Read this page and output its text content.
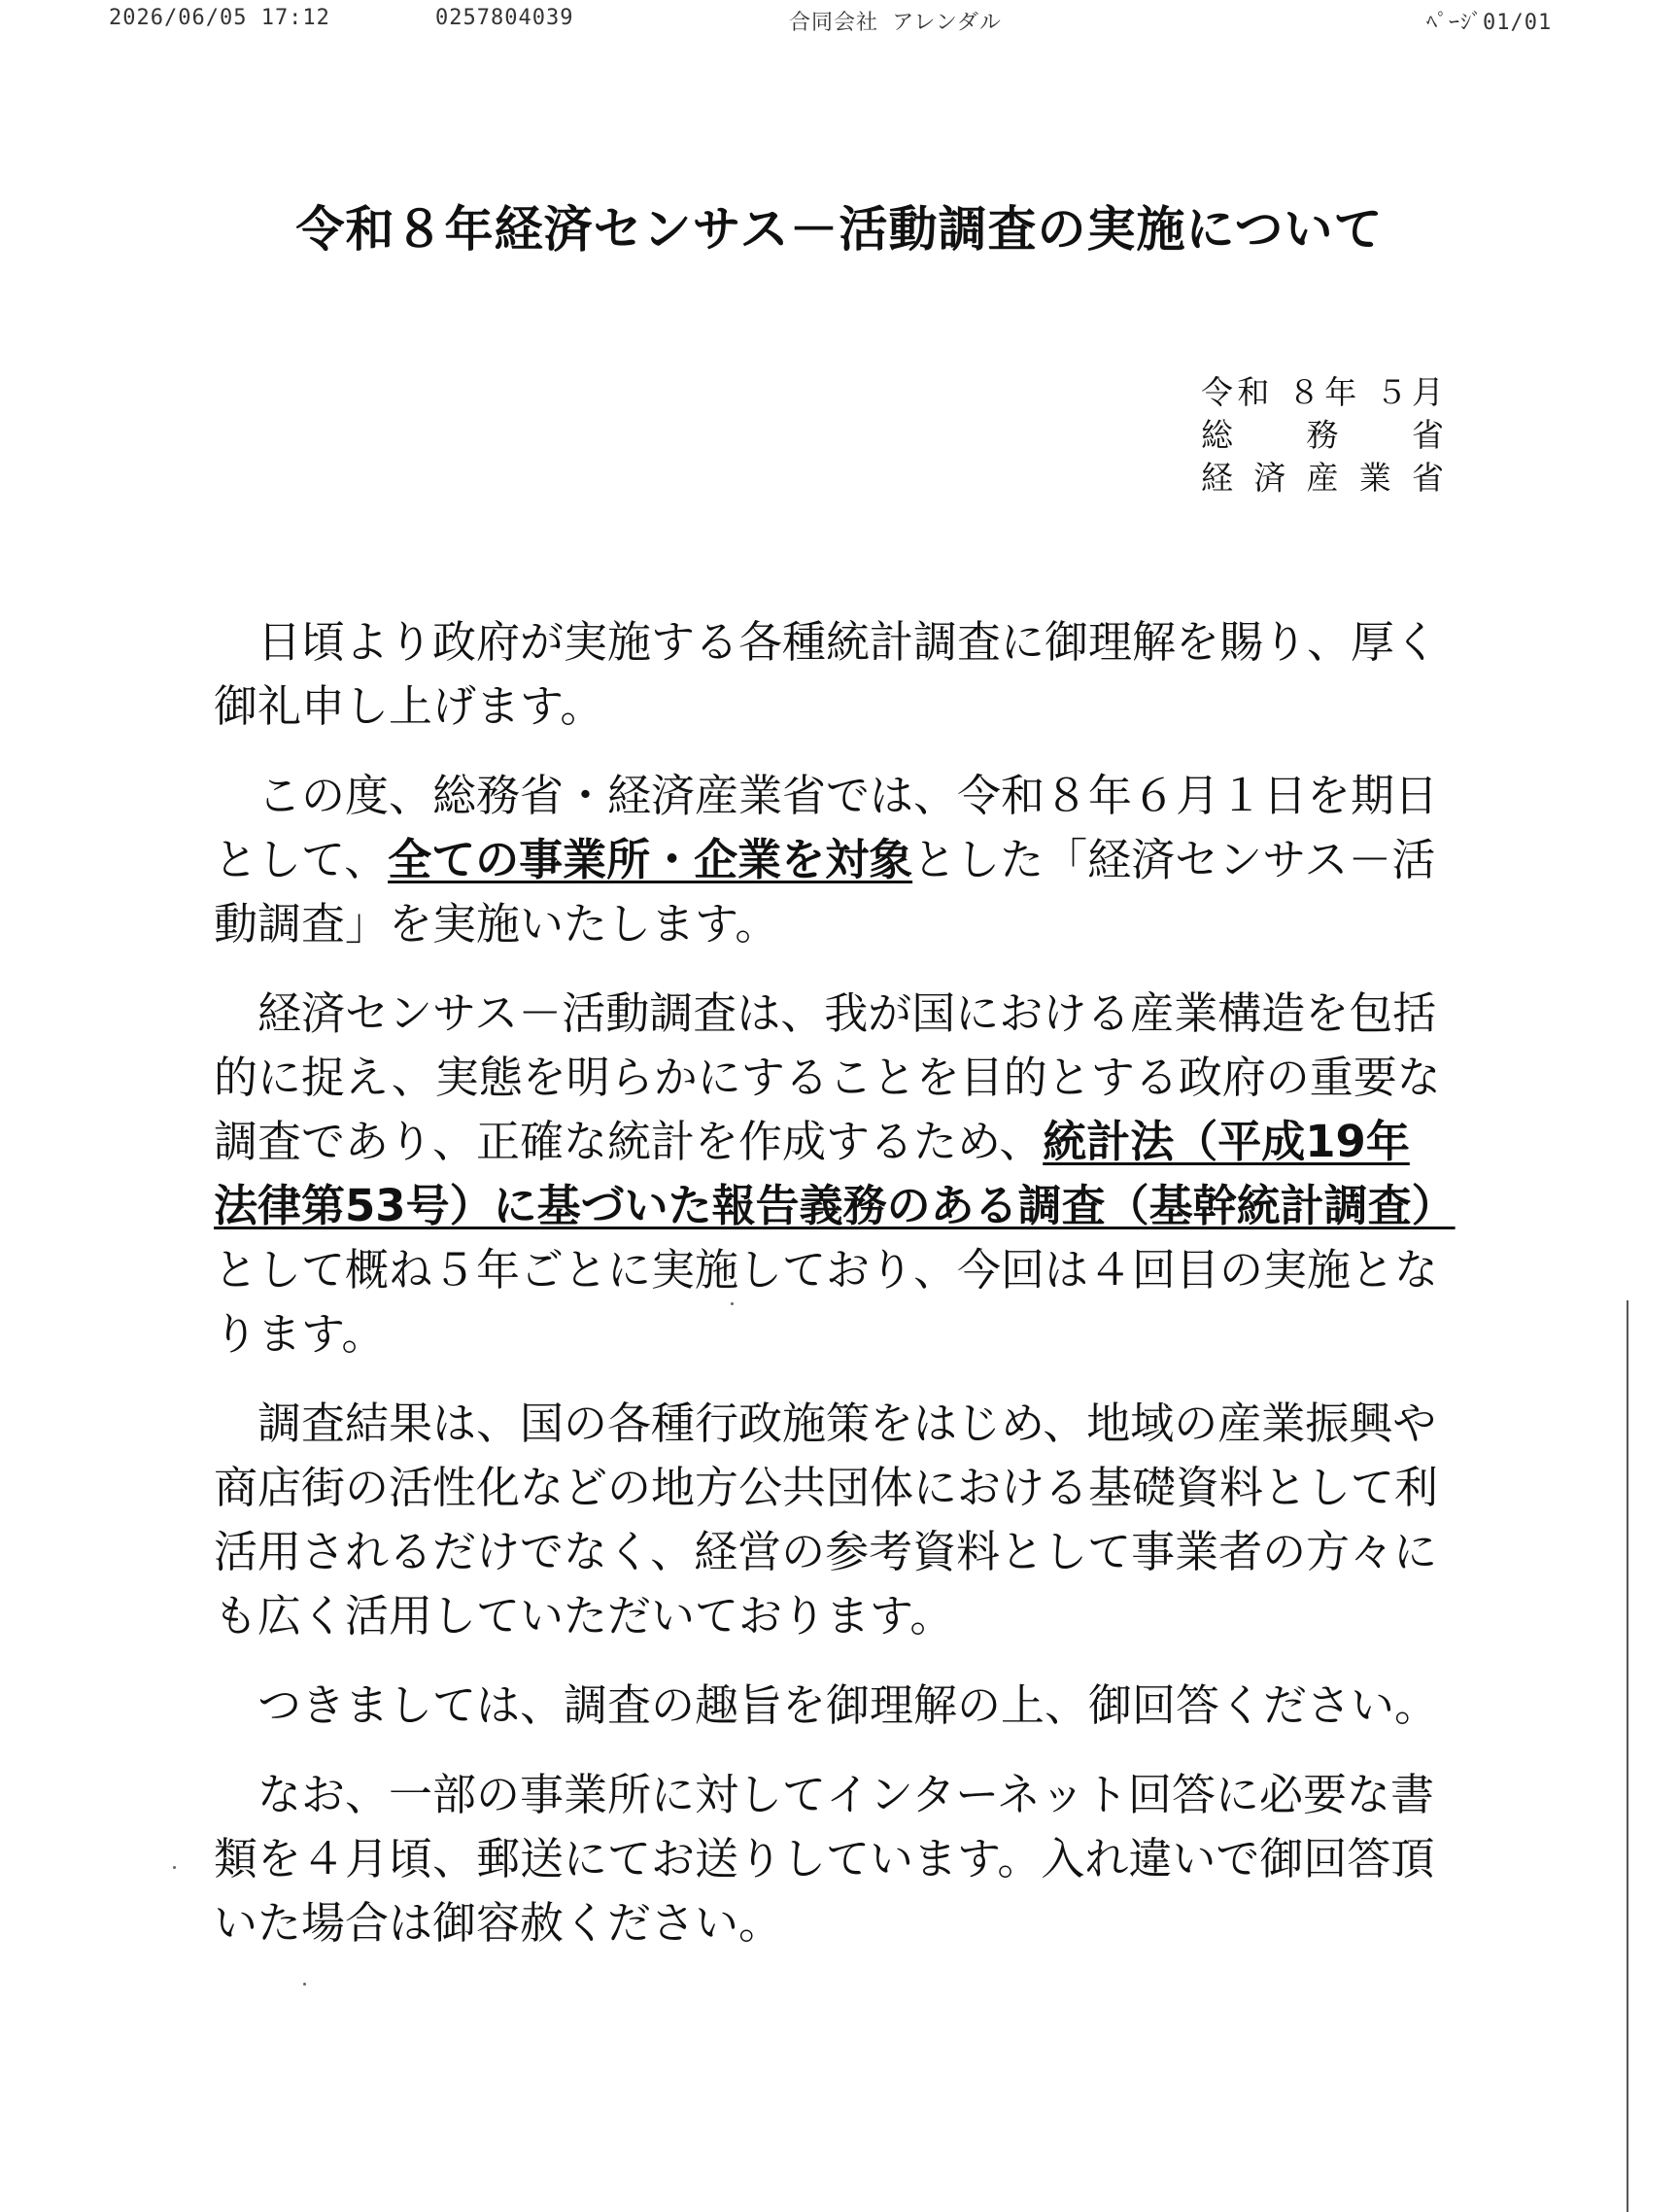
2026/06/05 17:12	0257804039	合同会社 アレンダル	ﾍﾟｰｼﾞ01/01
令和８年経済センサス－活動調査の実施について
令和 ８年 ５月
総務省
経済産業省

日頃より政府が実施する各種統計調査に御理解を賜り、厚く御礼申し上げます。

この度、総務省・経済産業省では、令和８年６月１日を期日として、全ての事業所・企業を対象とした「経済センサス－活動調査」を実施いたします。

経済センサス－活動調査は、我が国における産業構造を包括的に捉え、実態を明らかにすることを目的とする政府の重要な調査であり、正確な統計を作成するため、統計法（平成19年法律第53号）に基づいた報告義務のある調査（基幹統計調査）として概ね５年ごとに実施しており、今回は４回目の実施となります。

調査結果は、国の各種行政施策をはじめ、地域の産業振興や商店街の活性化などの地方公共団体における基礎資料として利活用されるだけでなく、経営の参考資料として事業者の方々にも広く活用していただいております。

つきましては、調査の趣旨を御理解の上、御回答ください。

なお、一部の事業所に対してインターネット回答に必要な書類を４月頃、郵送にてお送りしています。入れ違いで御回答頂いた場合は御容赦ください。
